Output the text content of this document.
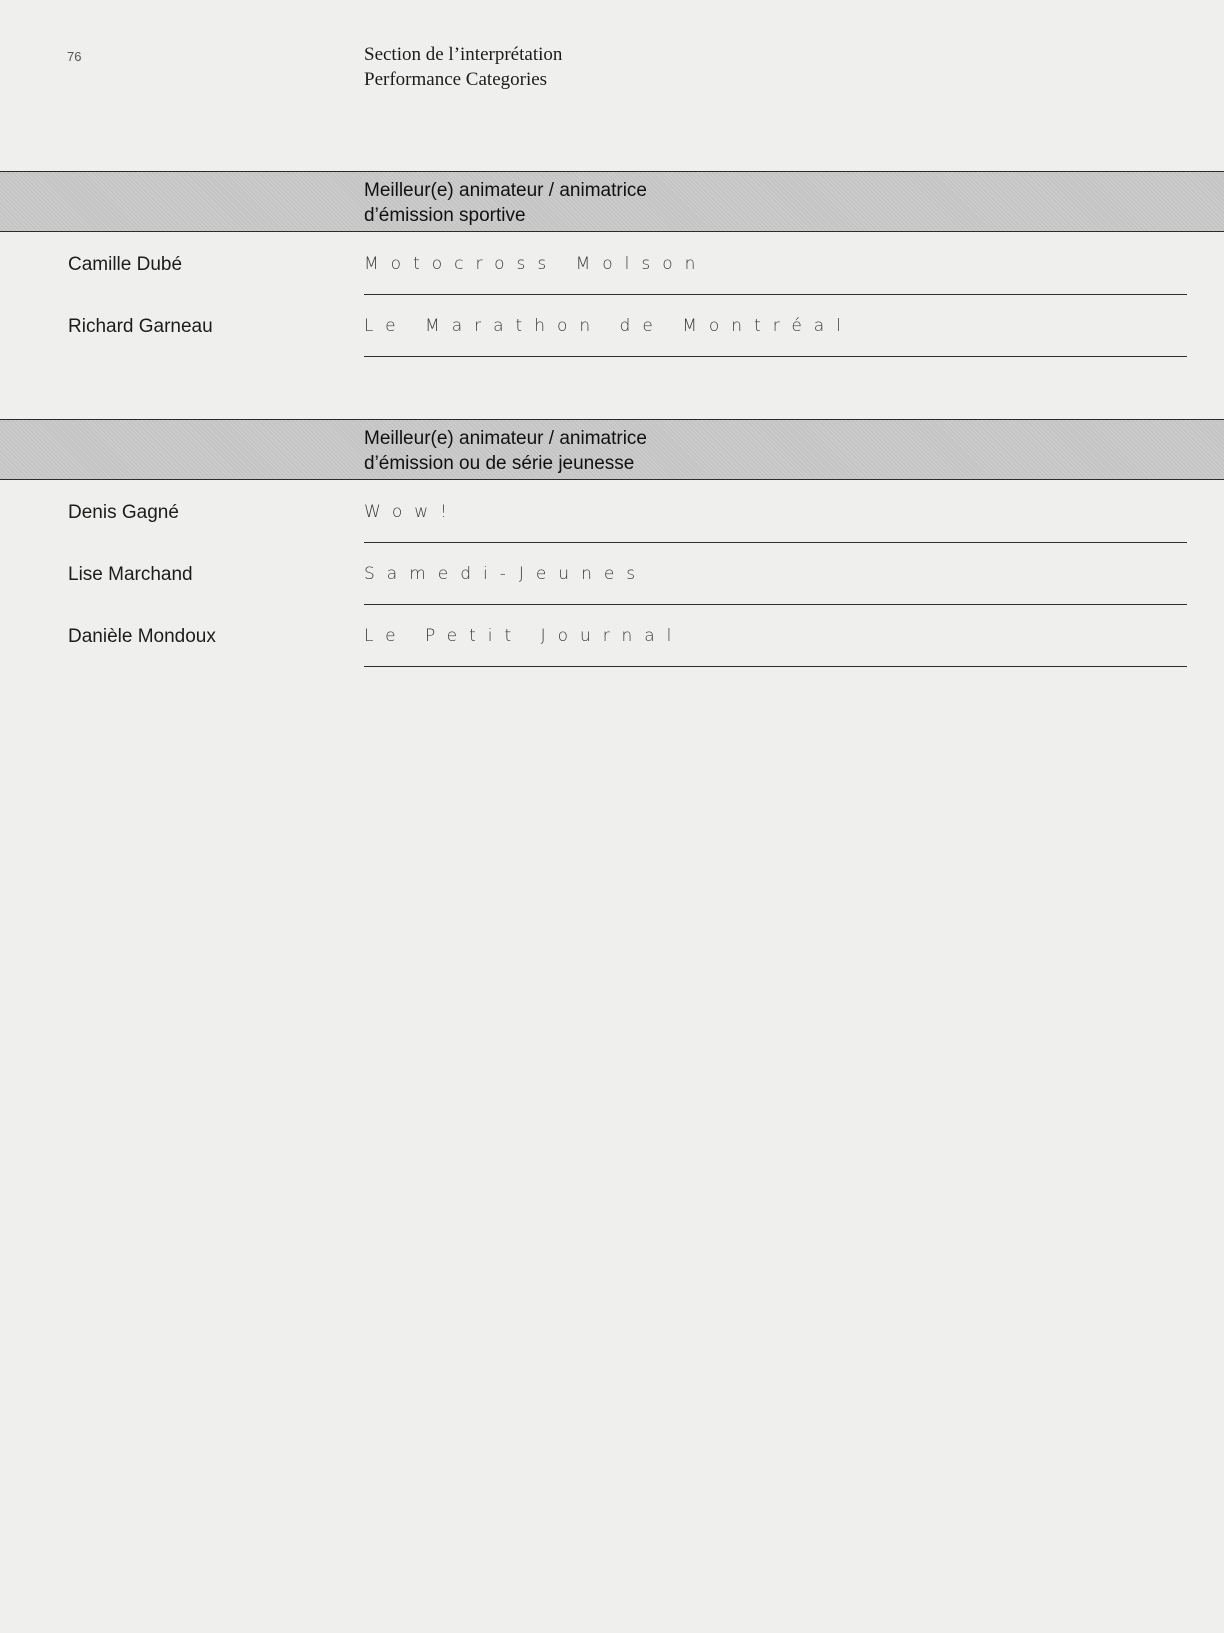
76	Section de l’interprétation
Performance Categories
Meilleur(e) animateur / animatrice
d’émission sportive
Camille Dubé	Motocross Molson
Richard Garneau	Le Marathon de Montréal
Meilleur(e) animateur / animatrice
d’émission ou de série jeunesse
Denis Gagné	Wow!
Lise Marchand	Samedi-Jeunes
Danièle Mondoux	Le Petit Journal
